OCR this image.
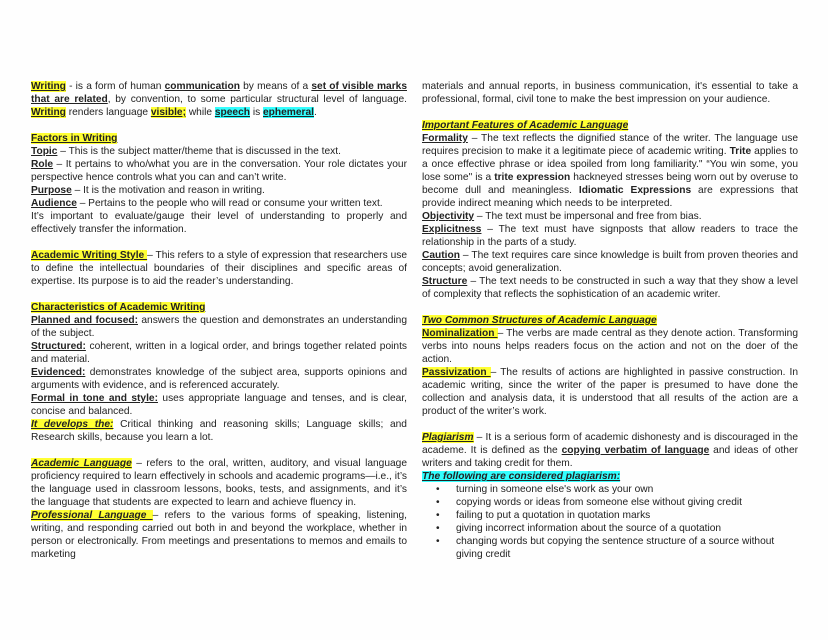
Writing - is a form of human communication by means of a set of visible marks that are related, by convention, to some particular structural level of language. Writing renders language visible; while speech is ephemeral.

Factors in Writing

Topic – This is the subject matter/theme that is discussed in the text.

Role – It pertains to who/what you are in the conversation. Your role dictates your perspective hence controls what you can and can’t write.

Purpose – It is the motivation and reason in writing.

Audience – Pertains to the people who will read or consume your written text.

It’s important to evaluate/gauge their level of understanding to properly and effectively transfer the information.

Academic Writing Style – This refers to a style of expression that researchers use to define the intellectual boundaries of their disciplines and specific areas of expertise. Its purpose is to aid the reader’s understanding.

Characteristics of Academic Writing

Planned and focused: answers the question and demonstrates an understanding of the subject.

Structured: coherent, written in a logical order, and brings together related points and material.

Evidenced: demonstrates knowledge of the subject area, supports opinions and arguments with evidence, and is referenced accurately.

Formal in tone and style: uses appropriate language and tenses, and is clear, concise and balanced.

It develops the: Critical thinking and reasoning skills; Language skills; and Research skills, because you learn a lot.

Academic Language – refers to the oral, written, auditory, and visual language proficiency required to learn effectively in schools and academic programs—i.e., it’s the language used in classroom lessons, books, tests, and assignments, and it’s the language that students are expected to learn and achieve fluency in.

Professional Language – refers to the various forms of speaking, listening, writing, and responding carried out both in and beyond the workplace, whether in person or electronically. From meetings and presentations to memos and emails to marketing

materials and annual reports, in business communication, it's essential to take a professional, formal, civil tone to make the best impression on your audience.

Important Features of Academic Language

Formality – The text reflects the dignified stance of the writer. The language use requires precision to make it a legitimate piece of academic writing. Trite applies to a once effective phrase or idea spoiled from long familiarity." “You win some, you lose some" is a trite expression hackneyed stresses being worn out by overuse to become dull and meaningless. Idiomatic Expressions are expressions that provide indirect meaning which needs to be interpreted.

Objectivity – The text must be impersonal and free from bias.

Explicitness – The text must have signposts that allow readers to trace the relationship in the parts of a study.

Caution – The text requires care since knowledge is built from proven theories and concepts; avoid generalization.

Structure – The text needs to be constructed in such a way that they show a level of complexity that reflects the sophistication of an academic writer.

Two Common Structures of Academic Language

Nominalization – The verbs are made central as they denote action. Transforming verbs into nouns helps readers focus on the action and not on the doer of the action.

Passivization – The results of actions are highlighted in passive construction. In academic writing, since the writer of the paper is presumed to have done the collection and analysis data, it is understood that all results of the action are a product of the writer’s work.

Plagiarism – It is a serious form of academic dishonesty and is discouraged in the academe. It is defined as the copying verbatim of language and ideas of other writers and taking credit for them.

The following are considered plagiarism:

• turning in someone else's work as your own
• copying words or ideas from someone else without giving credit
• failing to put a quotation in quotation marks
• giving incorrect information about the source of a quotation
• changing words but copying the sentence structure of a source without giving credit
